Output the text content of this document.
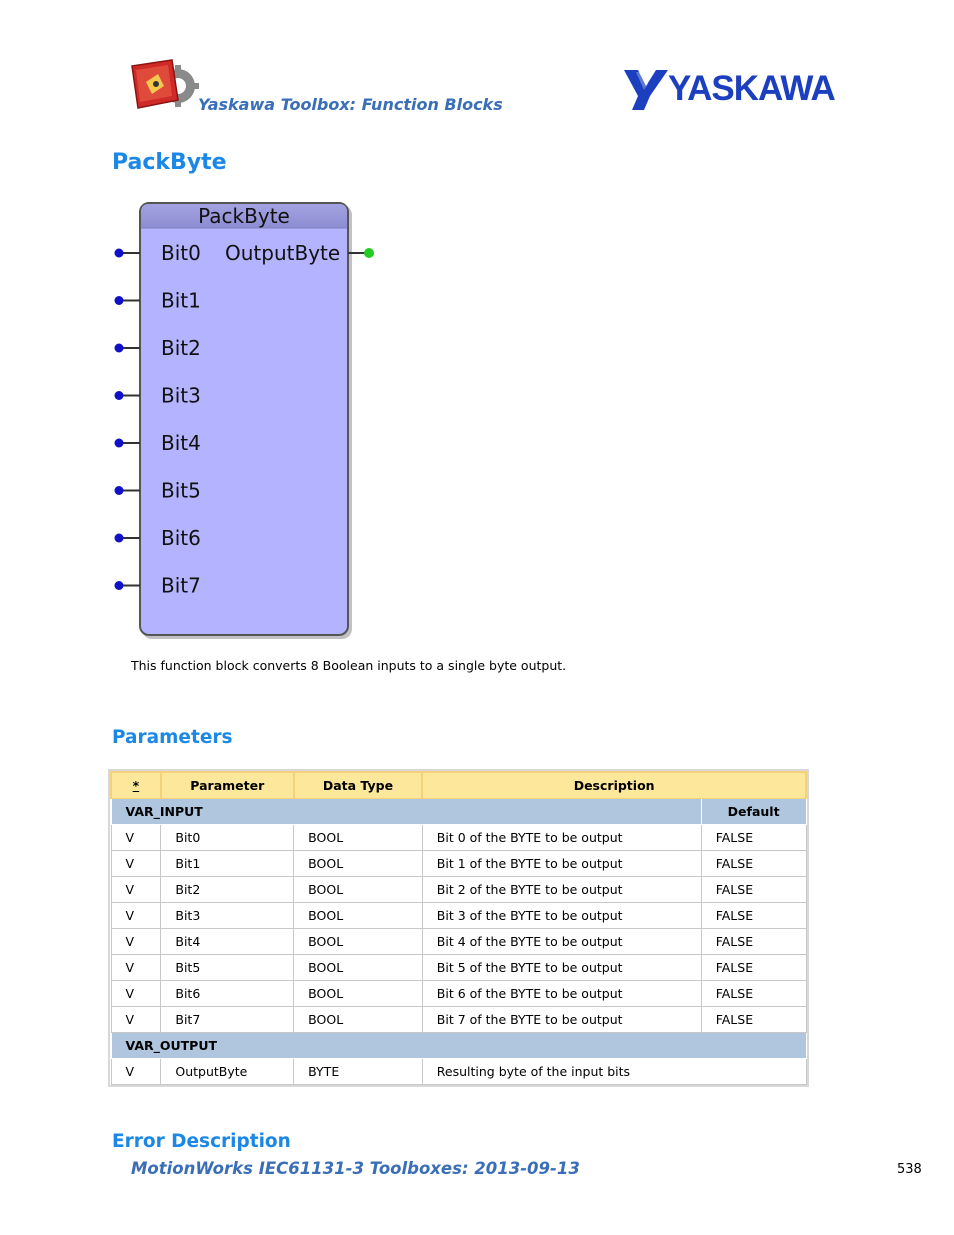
Yaskawa Toolbox: Function Blocks	YASKAWA
PackByte
PackByte
Bit0
Bit1
Bit2
Bit3
Bit4
Bit5
Bit6
Bit7
OutputByte
This function block converts 8 Boolean inputs to a single byte output.
Parameters
*	Parameter	Data Type	Description	
VAR_INPUT				Default
V	Bit0	BOOL	Bit 0 of the BYTE to be output	FALSE
V	Bit1	BOOL	Bit 1 of the BYTE to be output	FALSE
V	Bit2	BOOL	Bit 2 of the BYTE to be output	FALSE
V	Bit3	BOOL	Bit 3 of the BYTE to be output	FALSE
V	Bit4	BOOL	Bit 4 of the BYTE to be output	FALSE
V	Bit5	BOOL	Bit 5 of the BYTE to be output	FALSE
V	Bit6	BOOL	Bit 6 of the BYTE to be output	FALSE
V	Bit7	BOOL	Bit 7 of the BYTE to be output	FALSE
VAR_OUTPUT				
V	OutputByte	BYTE	Resulting byte of the input bits	
Error Description
MotionWorks IEC61131-3 Toolboxes: 2013-09-13	538
